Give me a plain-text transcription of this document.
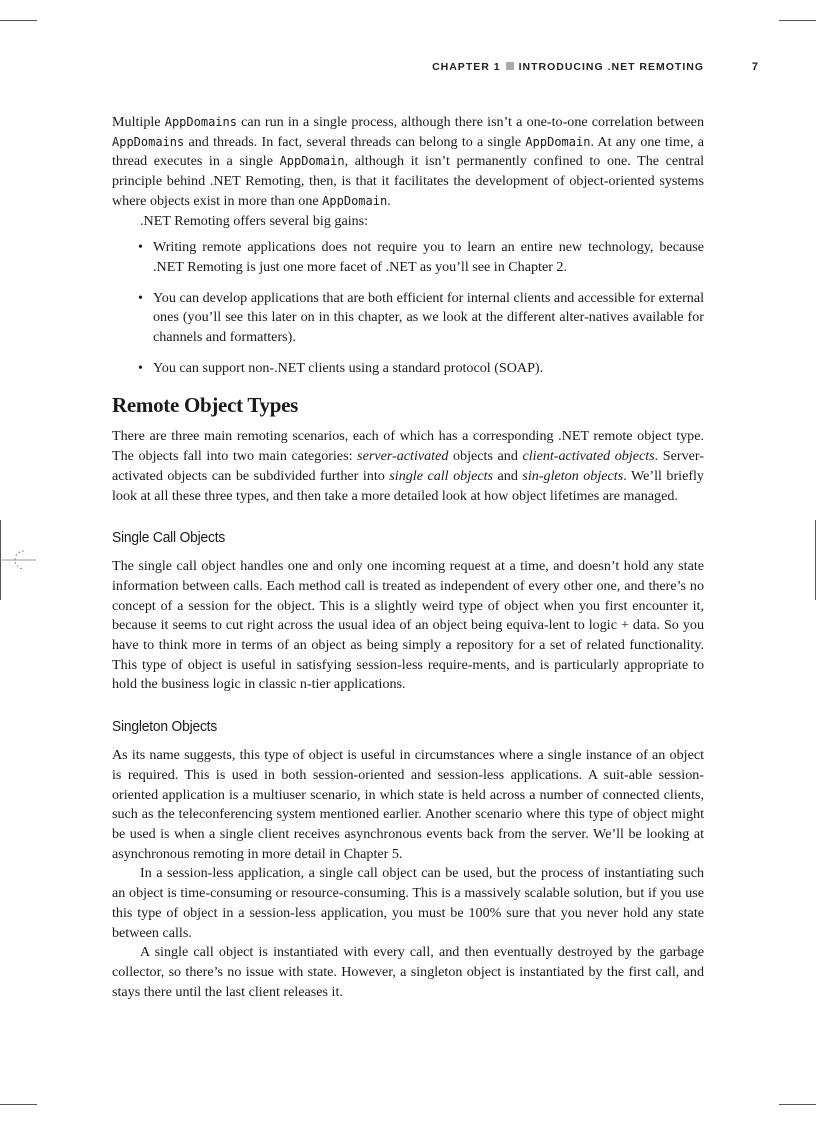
CHAPTER 1 INTRODUCING .NET REMOTING	7

Multiple AppDomains can run in a single process, although there isn’t a one-to-one correlation between AppDomains and threads. In fact, several threads can belong to a single AppDomain. At any one time, a thread executes in a single AppDomain, although it isn’t permanently confined to one. The central principle behind .NET Remoting, then, is that it facilitates the development of object-oriented systems where objects exist in more than one AppDomain.

.NET Remoting offers several big gains:

• Writing remote applications does not require you to learn an entire new technology, because .NET Remoting is just one more facet of .NET as you’ll see in Chapter 2.
• You can develop applications that are both efficient for internal clients and accessible for external ones (you’ll see this later on in this chapter, as we look at the different alter-natives available for channels and formatters).
• You can support non-.NET clients using a standard protocol (SOAP).
Remote Object Types

There are three main remoting scenarios, each of which has a corresponding .NET remote object type. The objects fall into two main categories: server-activated objects and client-activated objects. Server-activated objects can be subdivided further into single call objects and sin-gleton objects. We’ll briefly look at all these three types, and then take a more detailed look at how object lifetimes are managed.

Single Call Objects

The single call object handles one and only one incoming request at a time, and doesn’t hold any state information between calls. Each method call is treated as independent of every other one, and there’s no concept of a session for the object. This is a slightly weird type of object when you first encounter it, because it seems to cut right across the usual idea of an object being equiva-lent to logic + data. So you have to think more in terms of an object as being simply a repository for a set of related functionality. This type of object is useful in satisfying session-less require-ments, and is particularly appropriate to hold the business logic in classic n-tier applications.

Singleton Objects

As its name suggests, this type of object is useful in circumstances where a single instance of an object is required. This is used in both session-oriented and session-less applications. A suit-able session-oriented application is a multiuser scenario, in which state is held across a number of connected clients, such as the teleconferencing system mentioned earlier. Another scenario where this type of object might be used is when a single client receives asynchronous events back from the server. We’ll be looking at asynchronous remoting in more detail in Chapter 5.

In a session-less application, a single call object can be used, but the process of instantiating such an object is time-consuming or resource-consuming. This is a massively scalable solution, but if you use this type of object in a session-less application, you must be 100% sure that you never hold any state between calls.

A single call object is instantiated with every call, and then eventually destroyed by the garbage collector, so there’s no issue with state. However, a singleton object is instantiated by the first call, and stays there until the last client releases it.
